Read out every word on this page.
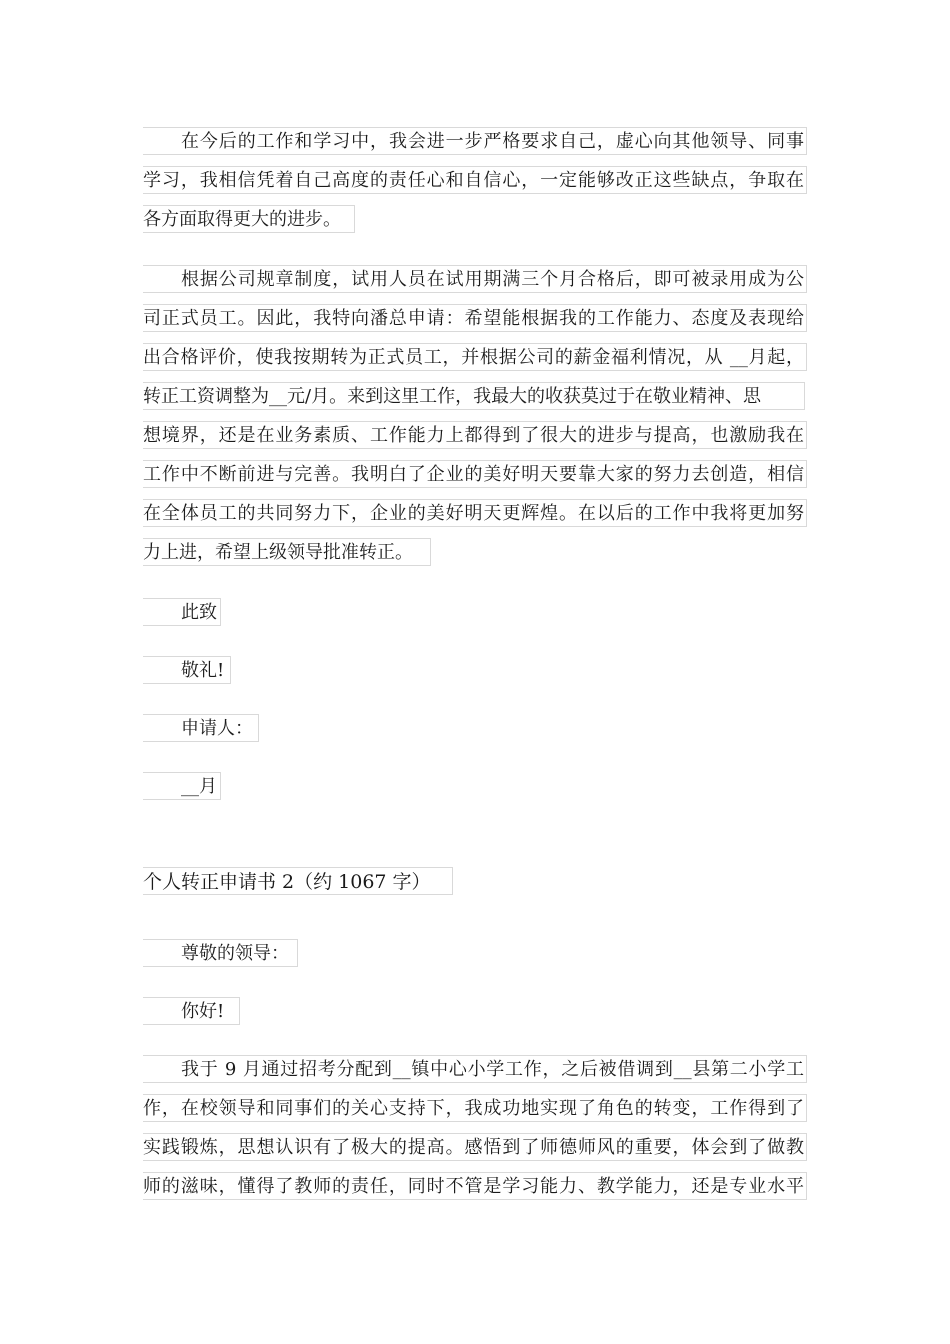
在今后的工作和学习中，我会进一步严格要求自己，虚心向其他领导、同事
学习，我相信凭着自己高度的责任心和自信心，一定能够改正这些缺点，争取在
各方面取得更大的进步。
根据公司规章制度，试用人员在试用期满三个月合格后，即可被录用成为公
司正式员工。因此，我特向潘总申请：希望能根据我的工作能力、态度及表现给
出合格评价，使我按期转为正式员工，并根据公司的薪金福利情况，从 __月起，
转正工资调整为__元/月。来到这里工作，我最大的收获莫过于在敬业精神、思
想境界，还是在业务素质、工作能力上都得到了很大的进步与提高，也激励我在
工作中不断前进与完善。我明白了企业的美好明天要靠大家的努力去创造，相信
在全体员工的共同努力下，企业的美好明天更辉煌。在以后的工作中我将更加努
力上进，希望上级领导批准转正。
此致
敬礼!
申请人：
__月
个人转正申请书 2（约 1067 字）
尊敬的领导：
你好!
我于 9 月通过招考分配到__镇中心小学工作，之后被借调到__县第二小学工
作，在校领导和同事们的关心支持下，我成功地实现了角色的转变，工作得到了
实践锻炼，思想认识有了极大的提高。感悟到了师德师风的重要，体会到了做教
师的滋味，懂得了教师的责任，同时不管是学习能力、教学能力，还是专业水平
